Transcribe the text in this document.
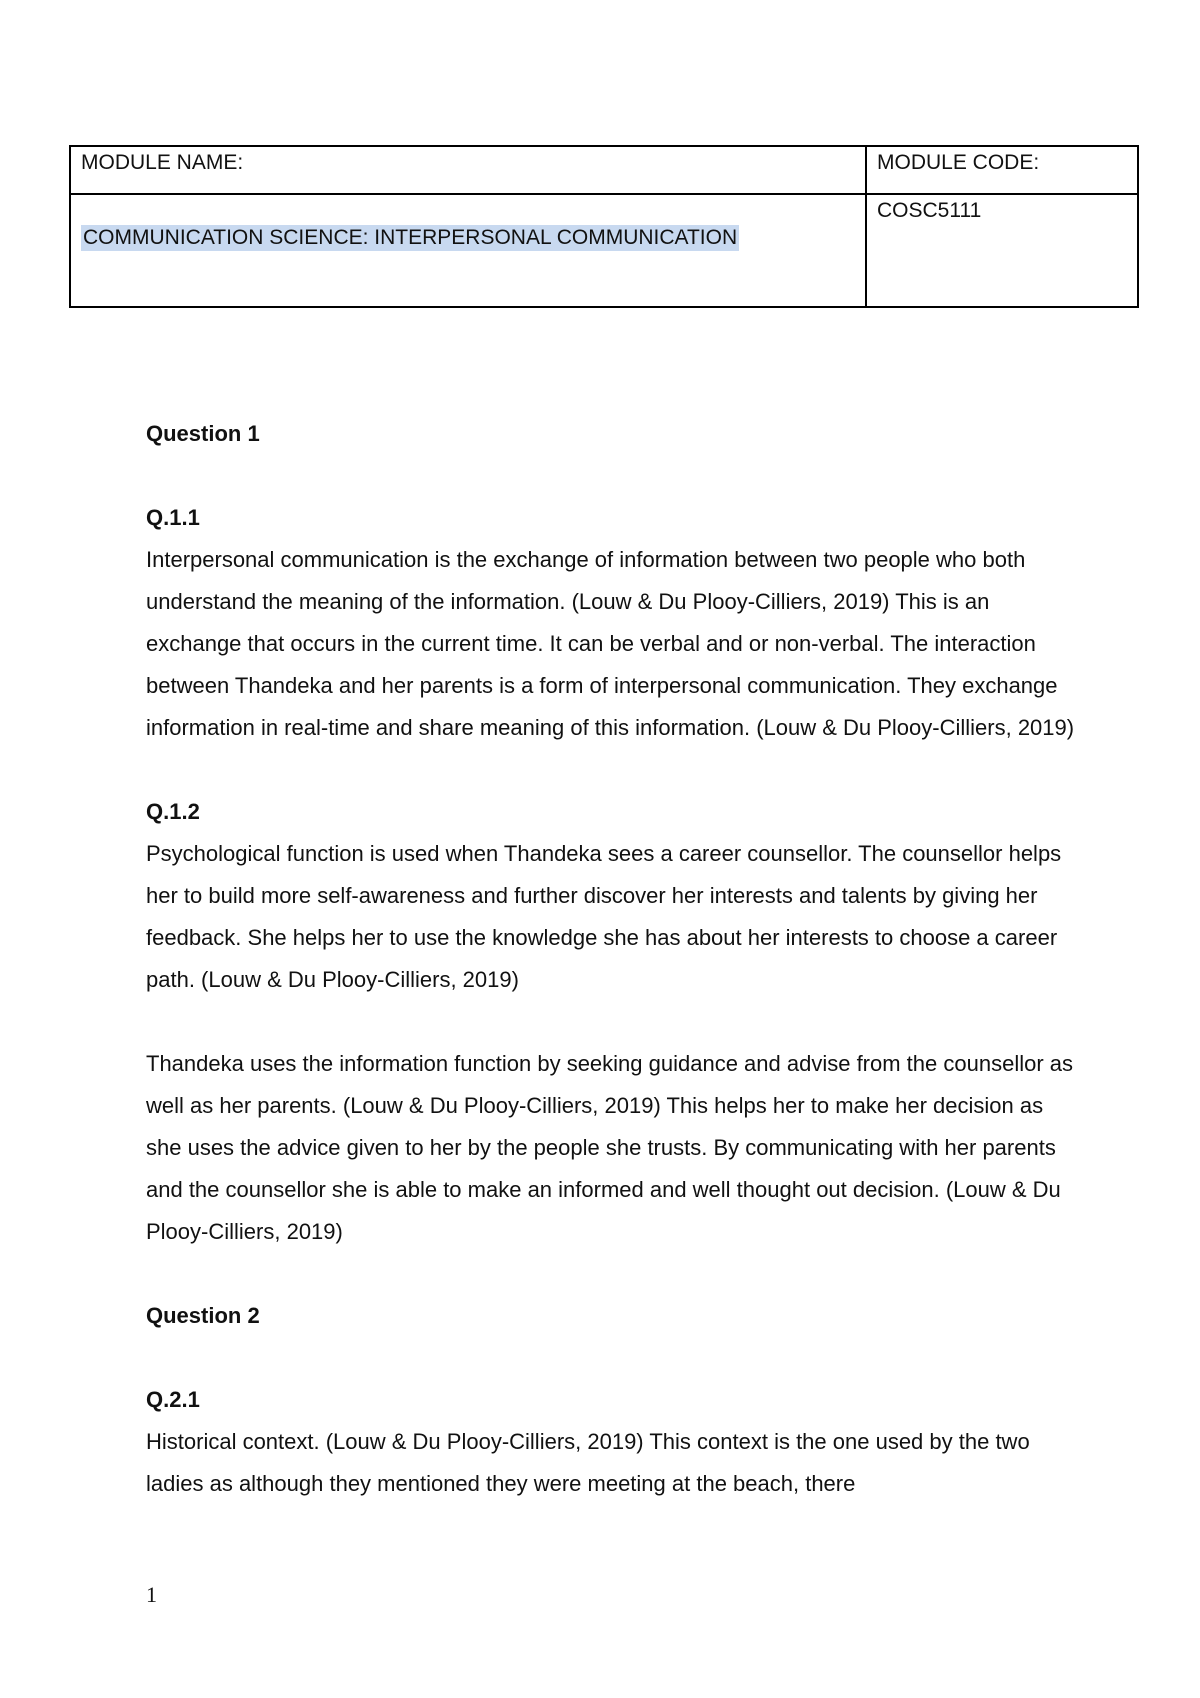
MODULE NAME:	MODULE CODE:
COMMUNICATION SCIENCE: INTERPERSONAL COMMUNICATION	COSC5111

Question 1

Q.1.1

Interpersonal communication is the exchange of information between two people who both understand the meaning of the information. (Louw & Du Plooy-Cilliers, 2019) This is an exchange that occurs in the current time. It can be verbal and or non-verbal. The interaction between Thandeka and her parents is a form of interpersonal communication. They exchange information in real-time and share meaning of this information. (Louw & Du Plooy-Cilliers, 2019)

Q.1.2

Psychological function is used when Thandeka sees a career counsellor. The counsellor helps her to build more self-awareness and further discover her interests and talents by giving her feedback. She helps her to use the knowledge she has about her interests to choose a career path. (Louw & Du Plooy-Cilliers, 2019)

Thandeka uses the information function by seeking guidance and advise from the counsellor as well as her parents. (Louw & Du Plooy-Cilliers, 2019) This helps her to make her decision as she uses the advice given to her by the people she trusts. By communicating with her parents and the counsellor she is able to make an informed and well thought out decision. (Louw & Du Plooy-Cilliers, 2019)

Question 2

Q.2.1

Historical context. (Louw & Du Plooy-Cilliers, 2019) This context is the one used by the two ladies as although they mentioned they were meeting at the beach, there

1
